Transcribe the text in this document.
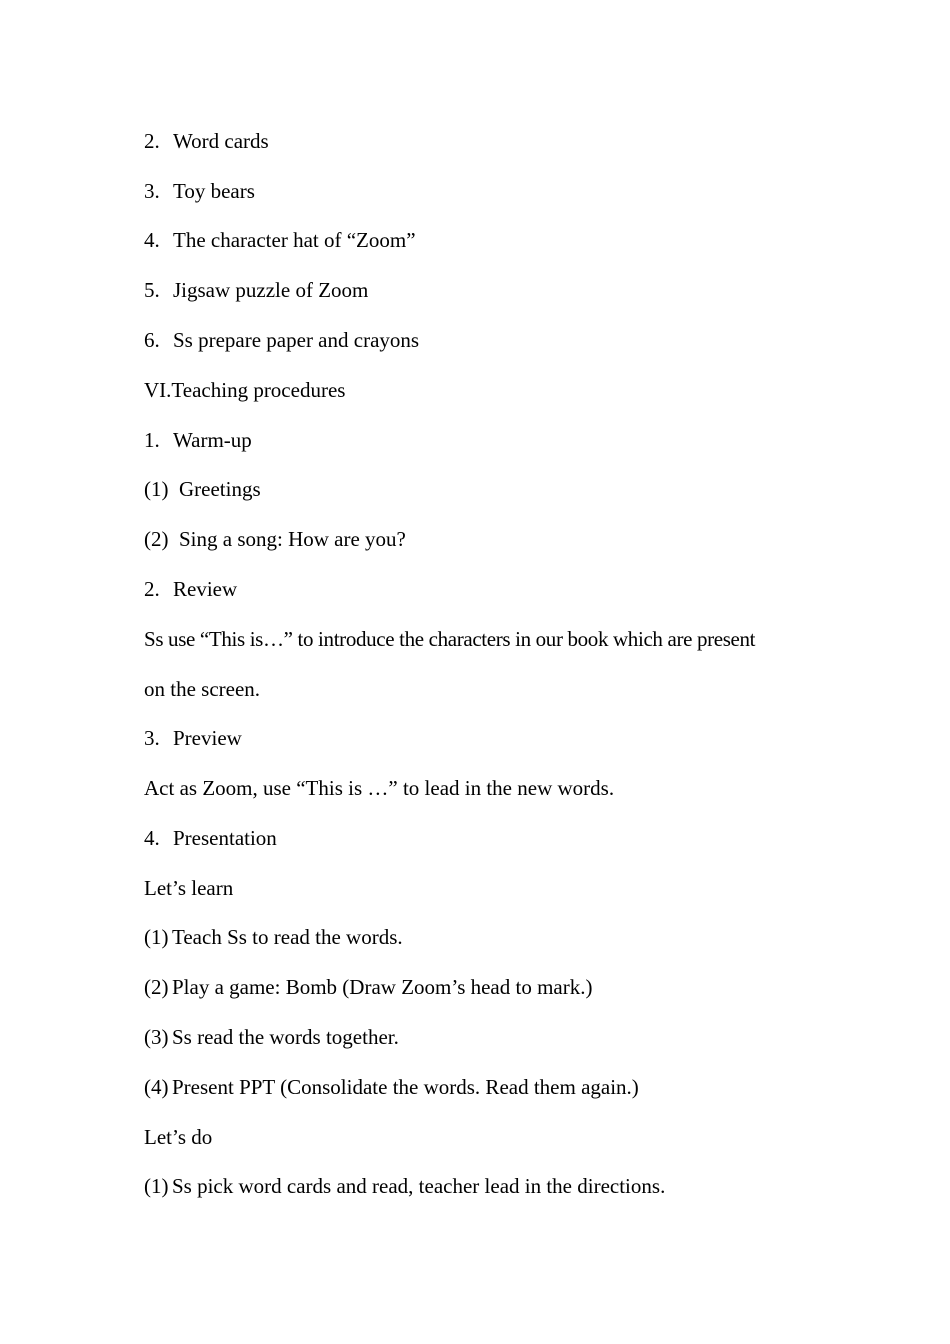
2. Word cards
3. Toy bears
4. The character hat of “Zoom”
5. Jigsaw puzzle of Zoom
6. Ss prepare paper and crayons
VI.Teaching procedures
1. Warm-up
(1) Greetings
(2) Sing a song: How are you?
2. Review
Ss use “This is…” to introduce the characters in our book which are present
on the screen.
3. Preview
Act as Zoom, use “This is …” to lead in the new words.
4. Presentation
Let’s learn
(1) Teach Ss to read the words.
(2) Play a game: Bomb (Draw Zoom’s head to mark.)
(3) Ss read the words together.
(4) Present PPT (Consolidate the words. Read them again.)
Let’s do
(1) Ss pick word cards and read, teacher lead in the directions.
